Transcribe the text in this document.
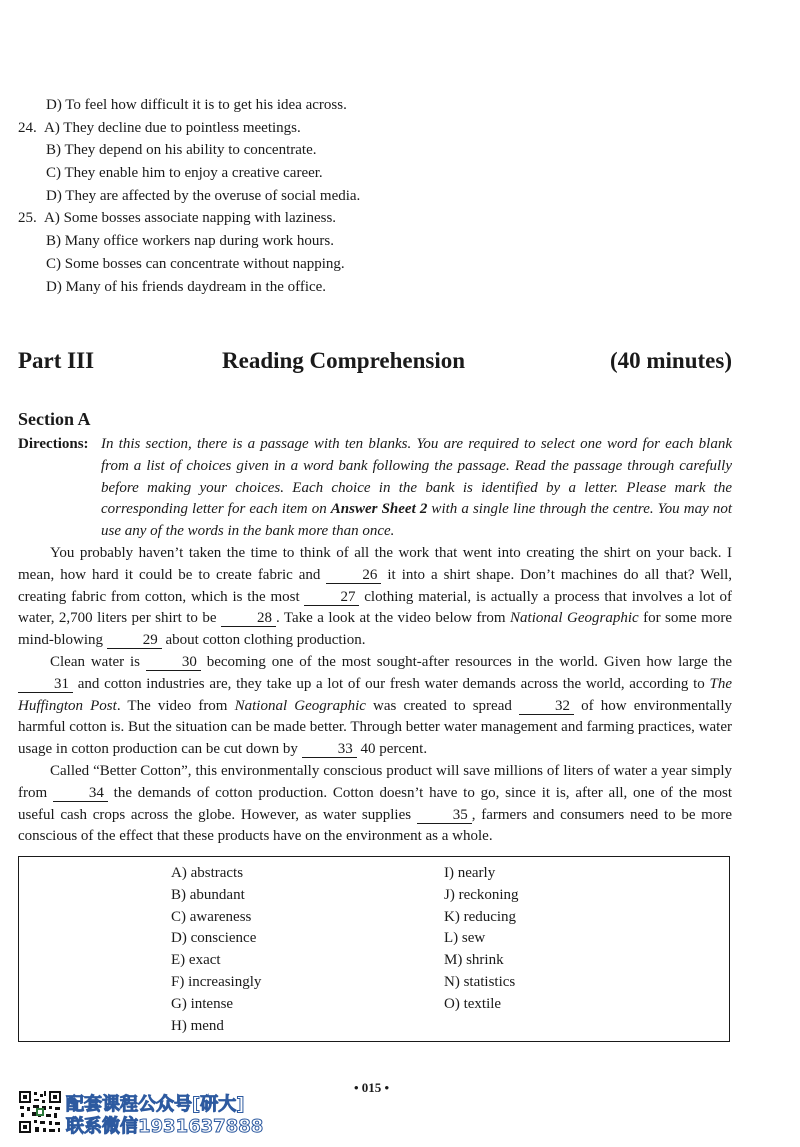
D) To feel how difficult it is to get his idea across.
24. A) They decline due to pointless meetings.
B) They depend on his ability to concentrate.
C) They enable him to enjoy a creative career.
D) They are affected by the overuse of social media.
25. A) Some bosses associate napping with laziness.
B) Many office workers nap during work hours.
C) Some bosses can concentrate without napping.
D) Many of his friends daydream in the office.
Part III	Reading Comprehension	(40 minutes)
Section A
Directions: In this section, there is a passage with ten blanks. You are required to select one word for each blank from a list of choices given in a word bank following the passage. Read the passage through carefully before making your choices. Each choice in the bank is identified by a letter. Please mark the corresponding letter for each item on Answer Sheet 2 with a single line through the centre. You may not use any of the words in the bank more than once.
You probably haven’t taken the time to think of all the work that went into creating the shirt on your back. I mean, how hard it could be to create fabric and 26 it into a shirt shape. Don’t machines do all that? Well, creating fabric from cotton, which is the most 27 clothing material, is actually a process that involves a lot of water, 2,700 liters per shirt to be 28 . Take a look at the video below from National Geographic for some more mind-blowing 29 about cotton clothing production.
Clean water is 30 becoming one of the most sought-after resources in the world. Given how large the 31 and cotton industries are, they take up a lot of our fresh water demands across the world, according to The Huffington Post. The video from National Geographic was created to spread 32 of how environmentally harmful cotton is. But the situation can be made better. Through better water management and farming practices, water usage in cotton production can be cut down by 33 40 percent.
Called “Better Cotton”, this environmentally conscious product will save millions of liters of water a year simply from 34 the demands of cotton production. Cotton doesn’t have to go, since it is, after all, one of the most useful cash crops across the globe. However, as water supplies 35 , farmers and consumers need to be more conscious of the effect that these products have on the environment as a whole.
A) abstracts
B) abundant
C) awareness
D) conscience
E) exact
F) increasingly
G) intense
H) mend
I) nearly
J) reckoning
K) reducing
L) sew
M) shrink
N) statistics
O) textile
• 015 •
配套课程公众号[研大]
联系微信1931637888
